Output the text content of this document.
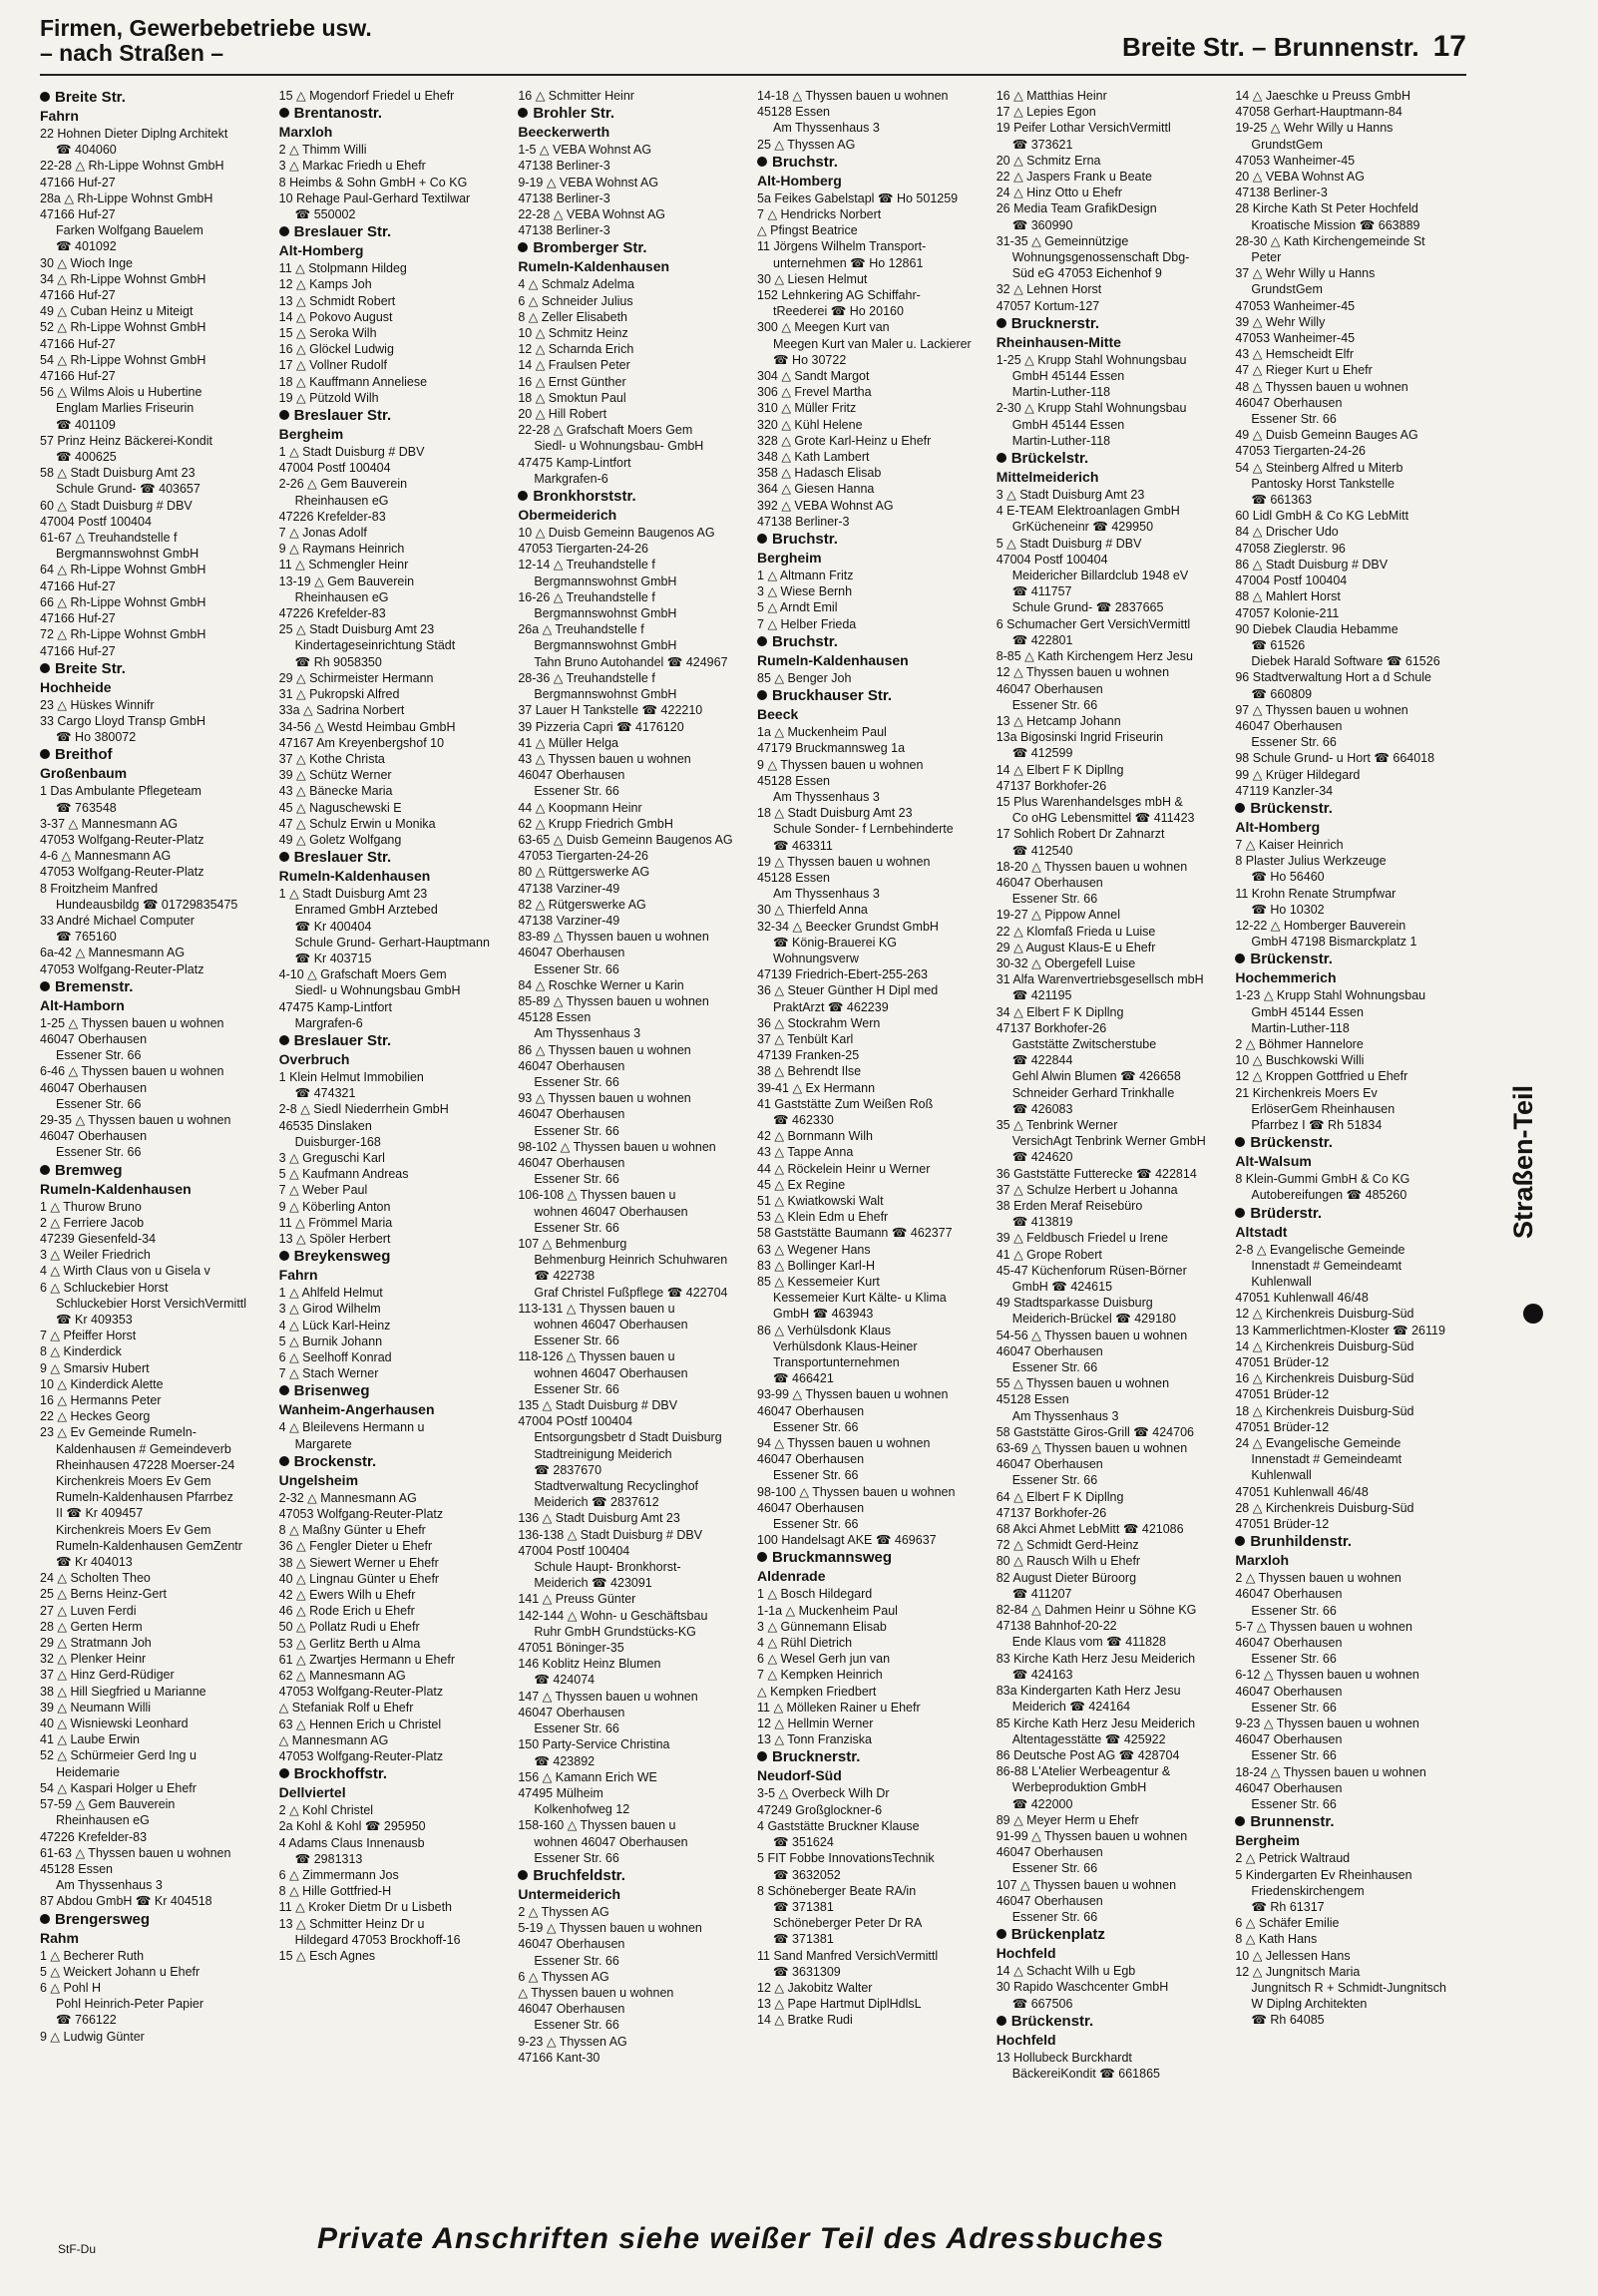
Firmen, Gewerbebetriebe usw.
– nach Straßen –	Breite Str. – Brunnenstr. 17
Breite Str.
Fahrn
22 Hohnen Dieter Diplng Architekt
☎ 404060
22-28 △ Rh-Lippe Wohnst GmbH
47166 Huf-27
28a △ Rh-Lippe Wohnst GmbH
47166 Huf-27
Farken Wolfgang Bauelem
☎ 401092
30 △ Wioch Inge
34 △ Rh-Lippe Wohnst GmbH
47166 Huf-27
49 △ Cuban Heinz u Miteigt
52 △ Rh-Lippe Wohnst GmbH
47166 Huf-27
54 △ Rh-Lippe Wohnst GmbH
47166 Huf-27
56 △ Wilms Alois u Hubertine
Englam Marlies Friseurin
☎ 401109
57 Prinz Heinz Bäckerei-Kondit
☎ 400625
58 △ Stadt Duisburg Amt 23
Schule Grund- ☎ 403657
60 △ Stadt Duisburg # DBV
47004 Postf 100404
61-67 △ Treuhandstelle f
Bergmannswohnst GmbH
64 △ Rh-Lippe Wohnst GmbH
47166 Huf-27
66 △ Rh-Lippe Wohnst GmbH
47166 Huf-27
72 △ Rh-Lippe Wohnst GmbH
47166 Huf-27
Breite Str.
Hochheide
23 △ Hüskes Winnifr
33 Cargo Lloyd Transp GmbH
☎ Ho 380072
Breithof
Großenbaum
1 Das Ambulante Pflegeteam
☎ 763548
3-37 △ Mannesmann AG
47053 Wolfgang-Reuter-Platz
4-6 △ Mannesmann AG
47053 Wolfgang-Reuter-Platz
8 Froitzheim Manfred
Hundeausbildg ☎ 01729835475
33 André Michael Computer
☎ 765160
6a-42 △ Mannesmann AG
47053 Wolfgang-Reuter-Platz
Bremenstr.
Alt-Hamborn
1-25 △ Thyssen bauen u wohnen
46047 Oberhausen
Essener Str. 66
6-46 △ Thyssen bauen u wohnen
46047 Oberhausen
Essener Str. 66
29-35 △ Thyssen bauen u wohnen
46047 Oberhausen
Essener Str. 66
Bremweg
Rumeln-Kaldenhausen
1 △ Thurow Bruno
2 △ Ferriere Jacob
47239 Giesenfeld-34
3 △ Weiler Friedrich
4 △ Wirth Claus von u Gisela v
6 △ Schluckebier Horst
Schluckebier Horst VersichVermittl
☎ Kr 409353
7 △ Pfeiffer Horst
8 △ Kinderdick
9 △ Smarsiv Hubert
10 △ Kinderdick Alette
16 △ Hermanns Peter
22 △ Heckes Georg
23 △ Ev Gemeinde Rumeln-
Kaldenhausen # Gemeindeverb
Rheinhausen 47228 Moerser-24
Kirchenkreis Moers Ev Gem
Rumeln-Kaldenhausen Pfarrbez
II ☎ Kr 409457
Kirchenkreis Moers Ev Gem
Rumeln-Kaldenhausen GemZentr
☎ Kr 404013
24 △ Scholten Theo
25 △ Berns Heinz-Gert
27 △ Luven Ferdi
28 △ Gerten Herm
29 △ Stratmann Joh
32 △ Plenker Heinr
37 △ Hinz Gerd-Rüdiger
38 △ Hill Siegfried u Marianne
39 △ Neumann Willi
40 △ Wisniewski Leonhard
41 △ Laube Erwin
52 △ Schürmeier Gerd Ing u
Heidemarie
54 △ Kaspari Holger u Ehefr
57-59 △ Gem Bauverein
Rheinhausen eG
47226 Krefelder-83
61-63 △ Thyssen bauen u wohnen
45128 Essen
Am Thyssenhaus 3
87 Abdou GmbH ☎ Kr 404518
Brengersweg
Rahm
1 △ Becherer Ruth
5 △ Weickert Johann u Ehefr
6 △ Pohl H
Pohl Heinrich-Peter Papier
☎ 766122
9 △ Ludwig Günter
15 △ Mogendorf Friedel u Ehefr
Brentanostr.
Marxloh
2 △ Thimm Willi
3 △ Markac Friedh u Ehefr
8 Heimbs & Sohn GmbH + Co KG
10 Rehage Paul-Gerhard Textilwar
☎ 550002
Breslauer Str.
Alt-Homberg
11 △ Stolpmann Hildeg
12 △ Kamps Joh
13 △ Schmidt Robert
14 △ Pokovo August
15 △ Seroka Wilh
16 △ Glöckel Ludwig
17 △ Vollner Rudolf
18 △ Kauffmann Anneliese
19 △ Pützold Wilh
Breslauer Str.
Bergheim
1 △ Stadt Duisburg # DBV
47004 Postf 100404
2-26 △ Gem Bauverein
Rheinhausen eG
47226 Krefelder-83
7 △ Jonas Adolf
9 △ Raymans Heinrich
11 △ Schmengler Heinr
13-19 △ Gem Bauverein
Rheinhausen eG
47226 Krefelder-83
25 △ Stadt Duisburg Amt 23
Kindertageseinrichtung Städt
☎ Rh 9058350
29 △ Schirmeister Hermann
31 △ Pukropski Alfred
33a △ Sadrina Norbert
34-56 △ Westd Heimbau GmbH
47167 Am Kreyenbergshof 10
37 △ Kothe Christa
39 △ Schütz Werner
43 △ Bänecke Maria
45 △ Naguschewski E
47 △ Schulz Erwin u Monika
49 △ Goletz Wolfgang
Breslauer Str.
Rumeln-Kaldenhausen
1 △ Stadt Duisburg Amt 23
Enramed GmbH Arztebed
☎ Kr 400404
Schule Grund- Gerhart-Hauptmann
☎ Kr 403715
4-10 △ Grafschaft Moers Gem
Siedl- u Wohnungsbau GmbH
47475 Kamp-Lintfort
Margrafen-6
Breslauer Str.
Overbruch
1 Klein Helmut Immobilien
☎ 474321
2-8 △ Siedl Niederrhein GmbH
46535 Dinslaken
Duisburger-168
3 △ Greguschi Karl
5 △ Kaufmann Andreas
7 △ Weber Paul
9 △ Köberling Anton
11 △ Frömmel Maria
13 △ Spöler Herbert
Breykensweg
Fahrn
1 △ Ahlfeld Helmut
3 △ Girod Wilhelm
4 △ Lück Karl-Heinz
5 △ Burnik Johann
6 △ Seelhoff Konrad
7 △ Stach Werner
Brisenweg
Wanheim-Angerhausen
4 △ Bleilevens Hermann u
Margarete
Brockenstr.
Ungelsheim
2-32 △ Mannesmann AG
47053 Wolfgang-Reuter-Platz
8 △ Maßny Günter u Ehefr
36 △ Fengler Dieter u Ehefr
38 △ Siewert Werner u Ehefr
40 △ Lingnau Günter u Ehefr
42 △ Ewers Wilh u Ehefr
46 △ Rode Erich u Ehefr
50 △ Pollatz Rudi u Ehefr
53 △ Gerlitz Berth u Alma
61 △ Zwartjes Hermann u Ehefr
62 △ Mannesmann AG
47053 Wolfgang-Reuter-Platz
△ Stefaniak Rolf u Ehefr
63 △ Hennen Erich u Christel
△ Mannesmann AG
47053 Wolfgang-Reuter-Platz
Brockhoffstr.
Dellviertel
2 △ Kohl Christel
2a Kohl & Kohl ☎ 295950
4 Adams Claus Innenausb
☎ 2981313
6 △ Zimmermann Jos
8 △ Hille Gottfried-H
11 △ Kroker Dietm Dr u Lisbeth
13 △ Schmitter Heinz Dr u
Hildegard 47053 Brockhoff-16
15 △ Esch Agnes
16 △ Schmitter Heinr
Brohler Str.
Beeckerwerth
1-5 △ VEBA Wohnst AG
47138 Berliner-3
9-19 △ VEBA Wohnst AG
47138 Berliner-3
22-28 △ VEBA Wohnst AG
47138 Berliner-3
Bromberger Str.
Rumeln-Kaldenhausen
4 △ Schmalz Adelma
6 △ Schneider Julius
8 △ Zeller Elisabeth
10 △ Schmitz Heinz
12 △ Scharnda Erich
14 △ Fraulsen Peter
16 △ Ernst Günther
18 △ Smoktun Paul
20 △ Hill Robert
22-28 △ Grafschaft Moers Gem
Siedl- u Wohnungsbau- GmbH
47475 Kamp-Lintfort
Markgrafen-6
Bronkhorststr.
Obermeiderich
10 △ Duisb Gemeinn Baugenos AG
47053 Tiergarten-24-26
12-14 △ Treuhandstelle f
Bergmannswohnst GmbH
16-26 △ Treuhandstelle f
Bergmannswohnst GmbH
26a △ Treuhandstelle f
Bergmannswohnst GmbH
Tahn Bruno Autohandel ☎ 424967
28-36 △ Treuhandstelle f
Bergmannswohnst GmbH
37 Lauer H Tankstelle ☎ 422210
39 Pizzeria Capri ☎ 4176120
41 △ Müller Helga
43 △ Thyssen bauen u wohnen
46047 Oberhausen
Essener Str. 66
44 △ Koopmann Heinr
62 △ Krupp Friedrich GmbH
63-65 △ Duisb Gemeinn Baugenos AG
47053 Tiergarten-24-26
80 △ Rüttgerswerke AG
47138 Varziner-49
82 △ Rütgerswerke AG
47138 Varziner-49
83-89 △ Thyssen bauen u wohnen
46047 Oberhausen
Essener Str. 66
84 △ Roschke Werner u Karin
85-89 △ Thyssen bauen u wohnen
45128 Essen
Am Thyssenhaus 3
86 △ Thyssen bauen u wohnen
46047 Oberhausen
Essener Str. 66
93 △ Thyssen bauen u wohnen
46047 Oberhausen
Essener Str. 66
98-102 △ Thyssen bauen u wohnen
46047 Oberhausen
Essener Str. 66
106-108 △ Thyssen bauen u
wohnen 46047 Oberhausen
Essener Str. 66
107 △ Behmenburg
Behmenburg Heinrich Schuhwaren
☎ 422738
Graf Christel Fußpflege ☎ 422704
113-131 △ Thyssen bauen u
wohnen 46047 Oberhausen
Essener Str. 66
118-126 △ Thyssen bauen u
wohnen 46047 Oberhausen
Essener Str. 66
135 △ Stadt Duisburg # DBV
47004 POstf 100404
Entsorgungsbetr d Stadt Duisburg
Stadtreinigung Meiderich
☎ 2837670
Stadtverwaltung Recyclinghof
Meiderich ☎ 2837612
136 △ Stadt Duisburg Amt 23
136-138 △ Stadt Duisburg # DBV
47004 Postf 100404
Schule Haupt- Bronkhorst-
Meiderich ☎ 423091
141 △ Preuss Günter
142-144 △ Wohn- u Geschäftsbau
Ruhr GmbH Grundstücks-KG
47051 Böninger-35
146 Koblitz Heinz Blumen
☎ 424074
147 △ Thyssen bauen u wohnen
46047 Oberhausen
Essener Str. 66
150 Party-Service Christina
☎ 423892
156 △ Kamann Erich WE
47495 Mülheim
Kolkenhofweg 12
158-160 △ Thyssen bauen u
wohnen 46047 Oberhausen
Essener Str. 66
Bruchfeldstr.
Untermeiderich
2 △ Thyssen AG
5-19 △ Thyssen bauen u wohnen
46047 Oberhausen
Essener Str. 66
6 △ Thyssen AG
△ Thyssen bauen u wohnen
46047 Oberhausen
Essener Str. 66
9-23 △ Thyssen AG
47166 Kant-30
14-18 △ Thyssen bauen u wohnen
45128 Essen
Am Thyssenhaus 3
25 △ Thyssen AG
Bruchstr.
Alt-Homberg
5a Feikes Gabelstapl ☎ Ho 501259
7 △ Hendricks Norbert
△ Pfingst Beatrice
11 Jörgens Wilhelm Transport-
unternehmen ☎ Ho 12861
30 △ Liesen Helmut
152 Lehnkering AG Schiffahr-
tReederei ☎ Ho 20160
300 △ Meegen Kurt van
Meegen Kurt van Maler u. Lackierer
☎ Ho 30722
304 △ Sandt Margot
306 △ Frevel Martha
310 △ Müller Fritz
320 △ Kühl Helene
328 △ Grote Karl-Heinz u Ehefr
348 △ Kath Lambert
358 △ Hadasch Elisab
364 △ Giesen Hanna
392 △ VEBA Wohnst AG
47138 Berliner-3
Bruchstr.
Bergheim
1 △ Altmann Fritz
3 △ Wiese Bernh
5 △ Arndt Emil
7 △ Helber Frieda
Bruchstr.
Rumeln-Kaldenhausen
85 △ Benger Joh
Bruckhauser Str.
Beeck
1a △ Muckenheim Paul
47179 Bruckmannsweg 1a
9 △ Thyssen bauen u wohnen
45128 Essen
Am Thyssenhaus 3
18 △ Stadt Duisburg Amt 23
Schule Sonder- f Lernbehinderte
☎ 463311
19 △ Thyssen bauen u wohnen
45128 Essen
Am Thyssenhaus 3
30 △ Thierfeld Anna
32-34 △ Beecker Grundst GmbH
☎ König-Brauerei KG
Wohnungsverw
47139 Friedrich-Ebert-255-263
36 △ Steuer Günther H Dipl med
PraktArzt ☎ 462239
36 △ Stockrahm Wern
37 △ Tenbült Karl
47139 Franken-25
38 △ Behrendt Ilse
39-41 △ Ex Hermann
41 Gaststätte Zum Weißen Roß
☎ 462330
42 △ Bornmann Wilh
43 △ Tappe Anna
44 △ Röckelein Heinr u Werner
45 △ Ex Regine
51 △ Kwiatkowski Walt
53 △ Klein Edm u Ehefr
58 Gaststätte Baumann ☎ 462377
63 △ Wegener Hans
83 △ Bollinger Karl-H
85 △ Kessemeier Kurt
Kessemeier Kurt Kälte- u Klima
GmbH ☎ 463943
86 △ Verhülsdonk Klaus
Verhülsdonk Klaus-Heiner
Transportunternehmen
☎ 466421
93-99 △ Thyssen bauen u wohnen
46047 Oberhausen
Essener Str. 66
94 △ Thyssen bauen u wohnen
46047 Oberhausen
Essener Str. 66
98-100 △ Thyssen bauen u wohnen
46047 Oberhausen
Essener Str. 66
100 Handelsagt AKE ☎ 469637
Bruckmannsweg
Aldenrade
1 △ Bosch Hildegard
1-1a △ Muckenheim Paul
3 △ Günnemann Elisab
4 △ Rühl Dietrich
6 △ Wesel Gerh jun van
7 △ Kempken Heinrich
△ Kempken Friedbert
11 △ Mölleken Rainer u Ehefr
12 △ Hellmin Werner
13 △ Tonn Franziska
Brucknerstr.
Neudorf-Süd
3-5 △ Overbeck Wilh Dr
47249 Großglockner-6
4 Gaststätte Bruckner Klause
☎ 351624
5 FIT Fobbe InnovationsTechnik
☎ 3632052
8 Schöneberger Beate RA/in
☎ 371381
Schöneberger Peter Dr RA
☎ 371381
11 Sand Manfred VersichVermittl
☎ 3631309
12 △ Jakobitz Walter
13 △ Pape Hartmut DiplHdlsL
14 △ Bratke Rudi
16 △ Matthias Heinr
17 △ Lepies Egon
19 Peifer Lothar VersichVermittl
☎ 373621
20 △ Schmitz Erna
22 △ Jaspers Frank u Beate
24 △ Hinz Otto u Ehefr
26 Media Team GrafikDesign
☎ 360990
31-35 △ Gemeinnützige
Wohnungsgenossenschaft Dbg-
Süd eG 47053 Eichenhof 9
32 △ Lehnen Horst
47057 Kortum-127
Brucknerstr.
Rheinhausen-Mitte
1-25 △ Krupp Stahl Wohnungsbau
GmbH 45144 Essen
Martin-Luther-118
2-30 △ Krupp Stahl Wohnungsbau
GmbH 45144 Essen
Martin-Luther-118
Brückelstr.
Mittelmeiderich
3 △ Stadt Duisburg Amt 23
4 E-TEAM Elektroanlagen GmbH
GrKücheneinr ☎ 429950
5 △ Stadt Duisburg # DBV
47004 Postf 100404
Meidericher Billardclub 1948 eV
☎ 411757
Schule Grund- ☎ 2837665
6 Schumacher Gert VersichVermittl
☎ 422801
8-85 △ Kath Kirchengem Herz Jesu
12 △ Thyssen bauen u wohnen
46047 Oberhausen
Essener Str. 66
13 △ Hetcamp Johann
13a Bigosinski Ingrid Friseurin
☎ 412599
14 △ Elbert F K Dipllng
47137 Borkhofer-26
15 Plus Warenhandelsges mbH &
Co oHG Lebensmittel ☎ 411423
17 Sohlich Robert Dr Zahnarzt
☎ 412540
18-20 △ Thyssen bauen u wohnen
46047 Oberhausen
Essener Str. 66
19-27 △ Pippow Annel
22 △ Klomfaß Frieda u Luise
29 △ August Klaus-E u Ehefr
30-32 △ Obergefell Luise
31 Alfa Warenvertriebsgesellsch mbH
☎ 421195
34 △ Elbert F K Dipllng
47137 Borkhofer-26
Gaststätte Zwitscherstube
☎ 422844
Gehl Alwin Blumen ☎ 426658
Schneider Gerhard Trinkhalle
☎ 426083
35 △ Tenbrink Werner
VersichAgt Tenbrink Werner GmbH
☎ 424620
36 Gaststätte Futterecke ☎ 422814
37 △ Schulze Herbert u Johanna
38 Erden Meraf Reisebüro
☎ 413819
39 △ Feldbusch Friedel u Irene
41 △ Grope Robert
45-47 Küchenforum Rüsen-Börner
GmbH ☎ 424615
49 Stadtsparkasse Duisburg
Meiderich-Brückel ☎ 429180
54-56 △ Thyssen bauen u wohnen
46047 Oberhausen
Essener Str. 66
55 △ Thyssen bauen u wohnen
45128 Essen
Am Thyssenhaus 3
58 Gaststätte Giros-Grill ☎ 424706
63-69 △ Thyssen bauen u wohnen
46047 Oberhausen
Essener Str. 66
64 △ Elbert F K Dipllng
47137 Borkhofer-26
68 Akci Ahmet LebMitt ☎ 421086
72 △ Schmidt Gerd-Heinz
80 △ Rausch Wilh u Ehefr
82 August Dieter Büroorg
☎ 411207
82-84 △ Dahmen Heinr u Söhne KG
47138 Bahnhof-20-22
Ende Klaus vom ☎ 411828
83 Kirche Kath Herz Jesu Meiderich
☎ 424163
83a Kindergarten Kath Herz Jesu
Meiderich ☎ 424164
85 Kirche Kath Herz Jesu Meiderich
Altentagesstätte ☎ 425922
86 Deutsche Post AG ☎ 428704
86-88 L'Atelier Werbeagentur &
Werbeproduktion GmbH
☎ 422000
89 △ Meyer Herm u Ehefr
91-99 △ Thyssen bauen u wohnen
46047 Oberhausen
Essener Str. 66
107 △ Thyssen bauen u wohnen
46047 Oberhausen
Essener Str. 66
Brückenplatz
Hochfeld
14 △ Schacht Wilh u Egb
30 Rapido Waschcenter GmbH
☎ 667506
Brückenstr.
Hochfeld
13 Hollubeck Burckhardt
BäckereiKondit ☎ 661865
14 △ Jaeschke u Preuss GmbH
47058 Gerhart-Hauptmann-84
19-25 △ Wehr Willy u Hanns
GrundstGem
47053 Wanheimer-45
20 △ VEBA Wohnst AG
47138 Berliner-3
28 Kirche Kath St Peter Hochfeld
Kroatische Mission ☎ 663889
28-30 △ Kath Kirchengemeinde St
Peter
37 △ Wehr Willy u Hanns
GrundstGem
47053 Wanheimer-45
39 △ Wehr Willy
47053 Wanheimer-45
43 △ Hemscheidt Elfr
47 △ Rieger Kurt u Ehefr
48 △ Thyssen bauen u wohnen
46047 Oberhausen
Essener Str. 66
49 △ Duisb Gemeinn Bauges AG
47053 Tiergarten-24-26
54 △ Steinberg Alfred u Miterb
Pantosky Horst Tankstelle
☎ 661363
60 Lidl GmbH & Co KG LebMitt
84 △ Drischer Udo
47058 Zieglerstr. 96
86 △ Stadt Duisburg # DBV
47004 Postf 100404
88 △ Mahlert Horst
47057 Kolonie-211
90 Diebek Claudia Hebamme
☎ 61526
Diebek Harald Software ☎ 61526
96 Stadtverwaltung Hort a d Schule
☎ 660809
97 △ Thyssen bauen u wohnen
46047 Oberhausen
Essener Str. 66
98 Schule Grund- u Hort ☎ 664018
99 △ Krüger Hildegard
47119 Kanzler-34
Brückenstr.
Alt-Homberg
7 △ Kaiser Heinrich
8 Plaster Julius Werkzeuge
☎ Ho 56460
11 Krohn Renate Strumpfwar
☎ Ho 10302
12-22 △ Homberger Bauverein
GmbH 47198 Bismarckplatz 1
Brückenstr.
Hochemmerich
1-23 △ Krupp Stahl Wohnungsbau
GmbH 45144 Essen
Martin-Luther-118
2 △ Böhmer Hannelore
10 △ Buschkowski Willi
12 △ Kroppen Gottfried u Ehefr
21 Kirchenkreis Moers Ev
ErlöserGem Rheinhausen
Pfarrbez I ☎ Rh 51834
Brückenstr.
Alt-Walsum
8 Klein-Gummi GmbH & Co KG
Autobereifungen ☎ 485260
Brüderstr.
Altstadt
2-8 △ Evangelische Gemeinde
Innenstadt # Gemeindeamt
Kuhlenwall
47051 Kuhlenwall 46/48
12 △ Kirchenkreis Duisburg-Süd
13 Kammerlichtmen-Kloster ☎ 26119
14 △ Kirchenkreis Duisburg-Süd
47051 Brüder-12
16 △ Kirchenkreis Duisburg-Süd
47051 Brüder-12
18 △ Kirchenkreis Duisburg-Süd
47051 Brüder-12
24 △ Evangelische Gemeinde
Innenstadt # Gemeindeamt
Kuhlenwall
47051 Kuhlenwall 46/48
28 △ Kirchenkreis Duisburg-Süd
47051 Brüder-12
Brunhildenstr.
Marxloh
2 △ Thyssen bauen u wohnen
46047 Oberhausen
Essener Str. 66
5-7 △ Thyssen bauen u wohnen
46047 Oberhausen
Essener Str. 66
6-12 △ Thyssen bauen u wohnen
46047 Oberhausen
Essener Str. 66
9-23 △ Thyssen bauen u wohnen
46047 Oberhausen
Essener Str. 66
18-24 △ Thyssen bauen u wohnen
46047 Oberhausen
Essener Str. 66
Brunnenstr.
Bergheim
2 △ Petrick Waltraud
5 Kindergarten Ev Rheinhausen
Friedenskirchengem
☎ Rh 61317
6 △ Schäfer Emilie
8 △ Kath Hans
10 △ Jellessen Hans
12 △ Jungnitsch Maria
Jungnitsch R + Schmidt-Jungnitsch
W Diplng Architekten
☎ Rh 64085
Straßen-Teil
StF-Du	Private Anschriften siehe weißer Teil des Adressbuches
